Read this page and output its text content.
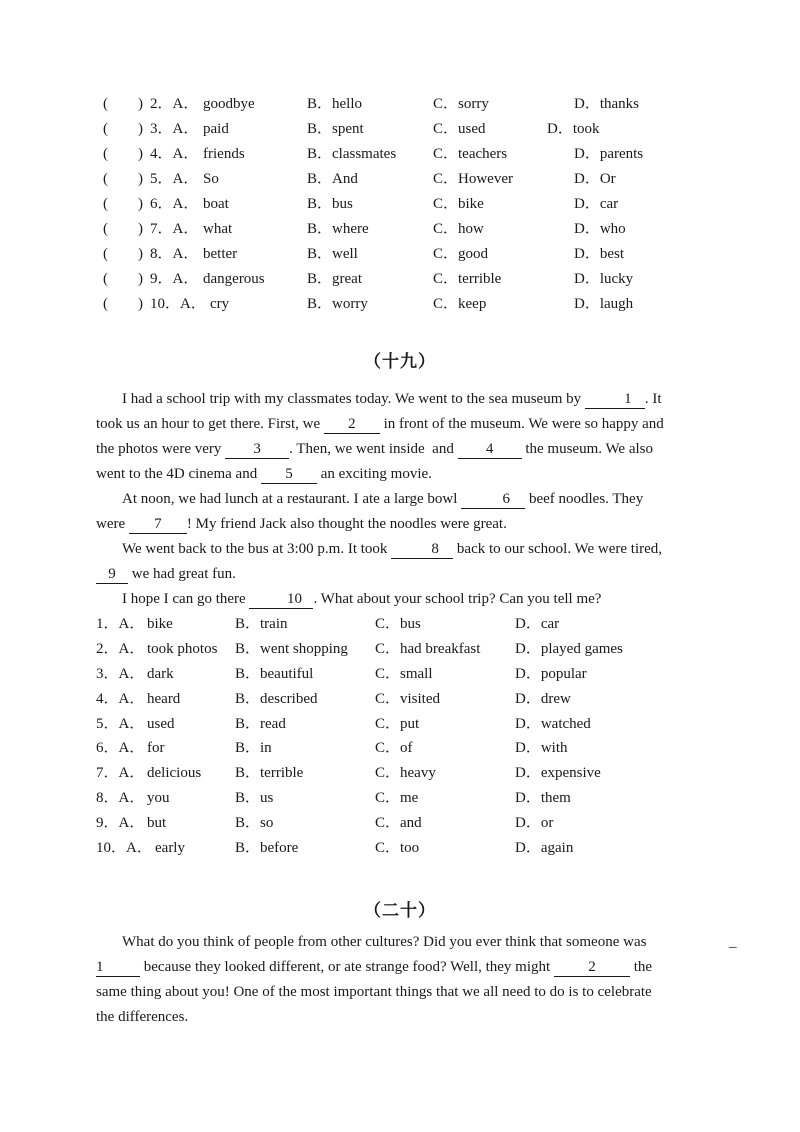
( ) 2．A． goodbye	B．hello	C．sorry	D．thanks
( ) 3．A． paid	B．spent	C．used	D．took
( ) 4．A． friends	B．classmates C．teachers	D．parents
( ) 5．A． So	B．And	C．However	D．Or
( ) 6．A． boat	B．bus	C．bike	D．car
( ) 7．A． what	B．where	C．how	D．who
( ) 8．A． better	B．well	C．good	D．best
( ) 9．A． dangerous	B．great	C．terrible	D．lucky
( ) 10．A． cry	B．worry	C．keep	D．laugh
（十九）
I had a school trip with my classmates today. We went to the sea museum by	1 . It
took us an hour to get there. First, we 2 in front of the museum. We were so happy and
the photos were very 3 . Then, we went inside  and 4 the museum. We also
went to the 4D cinema and 5 an exciting movie.
At noon, we had lunch at a restaurant. I ate a large bowl	6 beef noodles. They
were 7 ! My friend Jack also thought the noodles were great.
We went back to the bus at 3:00 p.m. It took	8 back to our school. We were tired,
9 we had great fun.
I hope I can go there	10 . What about your school trip? Can you tell me?
1．A． bike	B．train	C．bus	D．car
2．A． took photos B．went shopping C．had breakfast D．played games
3．A． dark	B．beautiful	C．small	D．popular
4．A． heard	B．described	C．visited	D．drew
5．A． used	B．read	C．put	D．watched
6．A． for	B．in	C．of	D．with
7．A． delicious B．terrible	C．heavy	D．expensive
8．A． you	B．us	C．me	D．them
9．A． but	B．so	C．and	D．or
10．A． early	B．before	C．too	D．again
（二十）
What do you think of people from other cultures? Did you ever think that someone was	_
1 because they looked different, or ate strange food? Well, they might 2 the
same thing about you! One of the most important things that we all need to do is to celebrate
the differences.
